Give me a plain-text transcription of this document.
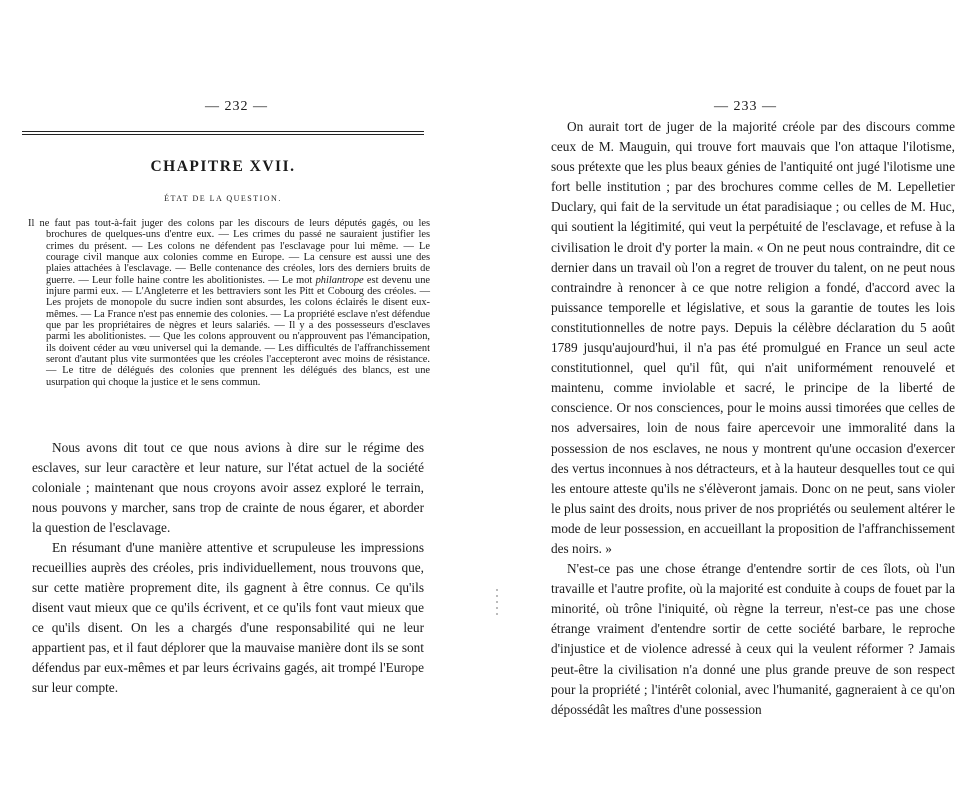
— 232 —
CHAPITRE XVII.
ÉTAT DE LA QUESTION.

Il ne faut pas tout-à-fait juger des colons par les discours de leurs députés gagés, ou les brochures de quelques-uns d'entre eux. — Les crimes du passé ne sauraient justifier les crimes du présent. — Les colons ne défendent pas l'esclavage pour lui même. — Le courage civil manque aux colonies comme en Europe. — La censure est aussi une des plaies attachées à l'esclavage. — Belle contenance des créoles, lors des derniers bruits de guerre. — Leur folle haine contre les abolitionistes. — Le mot philantrope est devenu une injure parmi eux. — L'Angleterre et les bettraviers sont les Pitt et Cobourg des créoles. — Les projets de monopole du sucre indien sont absurdes, les colons éclairés le disent eux-mêmes. — La France n'est pas ennemie des colonies. — La propriété esclave n'est défendue que par les propriétaires de nègres et leurs salariés. — Il y a des possesseurs d'esclaves parmi les abolitionistes. — Que les colons approuvent ou n'approuvent pas l'émancipation, ils doivent céder au vœu universel qui la demande. — Les difficultés de l'affranchissement seront d'autant plus vite surmontées que les créoles l'accepteront avec moins de résistance. — Le titre de délégués des colonies que prennent les délégués des blancs, est une usurpation qui choque la justice et le sens commun.

Nous avons dit tout ce que nous avions à dire sur le régime des esclaves, sur leur caractère et leur nature, sur l'état actuel de la société coloniale ; maintenant que nous croyons avoir assez exploré le terrain, nous pouvons y marcher, sans trop de crainte de nous égarer, et aborder la question de l'esclavage.

En résumant d'une manière attentive et scrupuleuse les impressions recueillies auprès des créoles, pris individuellement, nous trouvons que, sur cette matière proprement dite, ils gagnent à être connus. Ce qu'ils disent vaut mieux que ce qu'ils écrivent, et ce qu'ils font vaut mieux que ce qu'ils disent. On les a chargés d'une responsabilité qui ne leur appartient pas, et il faut déplorer que la mauvaise manière dont ils se sont défendus par eux-mêmes et par leurs écrivains gagés, ait trompé l'Europe sur leur compte.

— 233 —

On aurait tort de juger de la majorité créole par des discours comme ceux de M. Mauguin, qui trouve fort mauvais que l'on attaque l'ilotisme, sous prétexte que les plus beaux génies de l'antiquité ont jugé l'ilotisme une fort belle institution ; par des brochures comme celles de M. Lepelletier Duclary, qui fait de la servitude un état paradisiaque ; ou celles de M. Huc, qui soutient la légitimité, qui veut la perpétuité de l'esclavage, et refuse à la civilisation le droit d'y porter la main. « On ne peut nous contraindre, dit ce dernier dans un travail où l'on a regret de trouver du talent, on ne peut nous contraindre à renoncer à ce que notre religion a fondé, d'accord avec la puissance temporelle et législative, et sous la garantie de toutes les lois constitutionnelles de notre pays. Depuis la célèbre déclaration du 5 août 1789 jusqu'aujourd'hui, il n'a pas été promulgué en France un seul acte constitutionnel, quel qu'il fût, qui n'ait uniformément renouvelé et maintenu, comme inviolable et sacré, le principe de la liberté de conscience. Or nos consciences, pour le moins aussi timorées que celles de nos adversaires, loin de nous faire apercevoir une immoralité dans la possession de nos esclaves, ne nous y montrent qu'une occasion d'exercer des vertus inconnues à nos détracteurs, et à la hauteur desquelles tout ce qui les entoure atteste qu'ils ne s'élèveront jamais. Donc on ne peut, sans violer le plus saint des droits, nous priver de nos propriétés ou seulement altérer le mode de leur possession, en accueillant la proposition de l'affranchissement des noirs. »

N'est-ce pas une chose étrange d'entendre sortir de ces îlots, où l'un travaille et l'autre profite, où la majorité est conduite à coups de fouet par la minorité, où trône l'iniquité, où règne la terreur, n'est-ce pas une chose étrange vraiment d'entendre sortir de cette société barbare, le reproche d'injustice et de violence adressé à ceux qui la veulent réformer ? Jamais peut-être la civilisation n'a donné une plus grande preuve de son respect pour la propriété ; l'intérêt colonial, avec l'humanité, gagneraient à ce qu'on dépossédât les maîtres d'une possession
